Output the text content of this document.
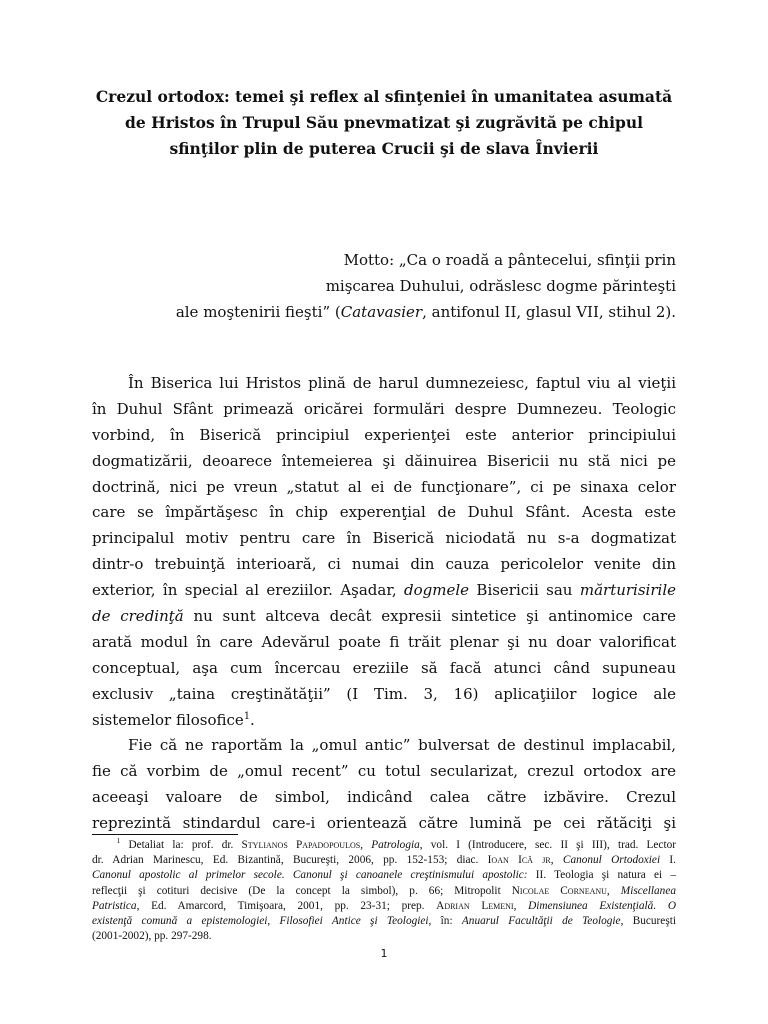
Crezul ortodox: temei şi reflex al sfinţeniei în umanitatea asumată
de Hristos în Trupul Său pnevmatizat şi zugrăvită pe chipul
sfinţilor plin de puterea Crucii şi de slava Învierii
Motto: „Ca o roadă a pântecelui, sfinţii prin
mişcarea Duhului, odrăslesc dogme părinteşti
ale moştenirii fieşti” (Catavasier, antifonul II, glasul VII, stihul 2).
În Biserica lui Hristos plină de harul dumnezeiesc, faptul viu al vieţii
în Duhul Sfânt primează oricărei formulări despre Dumnezeu. Teologic
vorbind, în Biserică principiul experienţei este anterior principiului
dogmatizării, deoarece întemeierea şi dăinuirea Bisericii nu stă nici pe
doctrină, nici pe vreun „statut al ei de funcţionare”, ci pe sinaxa celor
care se împărtăşesc în chip experenţial de Duhul Sfânt. Acesta este
principalul motiv pentru care în Biserică niciodată nu s-a dogmatizat
dintr-o trebuinţă interioară, ci numai din cauza pericolelor venite din
exterior, în special al ereziilor. Aşadar, dogmele Bisericii sau mărturisirile
de credinţă nu sunt altceva decât expresii sintetice şi antinomice care
arată modul în care Adevărul poate fi trăit plenar şi nu doar valorificat
conceptual, aşa cum încercau ereziile să facă atunci când supuneau
exclusiv „taina creştinătăţii” (I Tim. 3, 16) aplicaţiilor logice ale
sistemelor filosofice$^1$.
Fie că ne raportăm la „omul antic” bulversat de destinul implacabil,
fie că vorbim de „omul recent” cu totul secularizat, crezul ortodox are
aceeaşi valoare de simbol, indicând calea către izbăvire. Crezul
reprezintă stindardul care-i orientează către lumină pe cei rătăciţi şi
$^1$ Detaliat la: prof. dr. Stylianos Papadopoulos, Patrologia, vol. I (Introducere, sec. II şi III), trad. Lector
dr. Adrian Marinescu, Ed. Bizantină, Bucureşti, 2006, pp. 152-153; diac. Ioan Ică jr, Canonul Ortodoxiei I.
Canonul apostolic al primelor secole. Canonul şi canoanele creştinismului apostolic: II. Teologia şi natura ei –
reflecţii şi cotituri decisive (De la concept la simbol), p. 66; Mitropolit Nicolae Corneanu, Miscellanea
Patristica, Ed. Amarcord, Timişoara, 2001, pp. 23-31; prep. Adrian Lemeni, Dimensiunea Existenţială. O
existenţă comună a epistemologiei, Filosofiei Antice şi Teologiei, în: Anuarul Facultăţii de Teologie, Bucureşti
(2001-2002), pp. 297-298.
1
